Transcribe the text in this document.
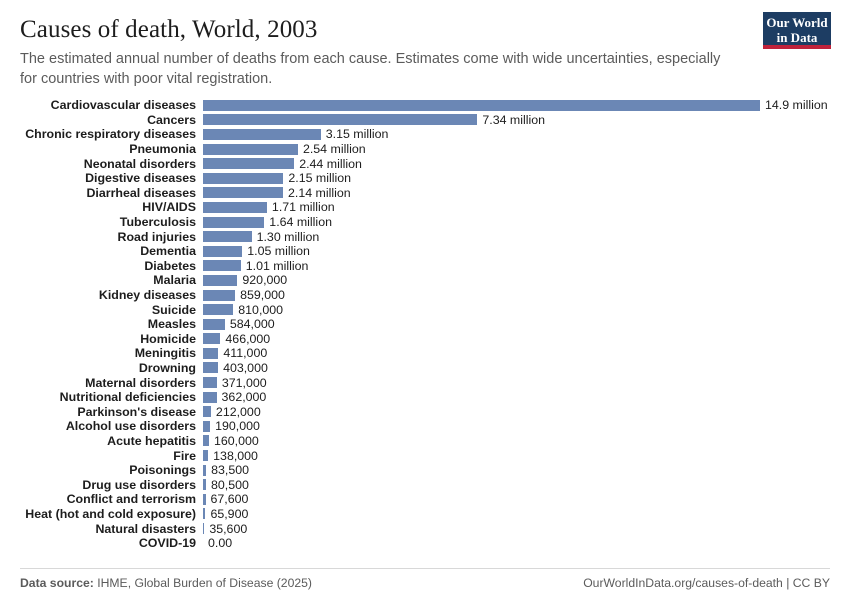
Our World
in Data
Causes of death, World, 2003

The estimated annual number of deaths from each cause. Estimates come with wide uncertainties, especially for countries with poor vital registration.

Cardiovascular diseases	14.9 million
Cancers	7.34 million
Chronic respiratory diseases	3.15 million
Pneumonia	2.54 million
Neonatal disorders	2.44 million
Digestive diseases	2.15 million
Diarrheal diseases	2.14 million
HIV/AIDS	1.71 million
Tuberculosis	1.64 million
Road injuries	1.30 million
Dementia	1.05 million
Diabetes	1.01 million
Malaria	920,000
Kidney diseases	859,000
Suicide	810,000
Measles	584,000
Homicide	466,000
Meningitis	411,000
Drowning	403,000
Maternal disorders	371,000
Nutritional deficiencies	362,000
Parkinson's disease	212,000
Alcohol use disorders	190,000
Acute hepatitis	160,000
Fire	138,000
Poisonings	83,500
Drug use disorders	80,500
Conflict and terrorism	67,600
Heat (hot and cold exposure)	65,900
Natural disasters	35,600
COVID-19 0.00
Data source: IHME, Global Burden of Disease (2025)	OurWorldInData.org/causes-of-death | CC BY
